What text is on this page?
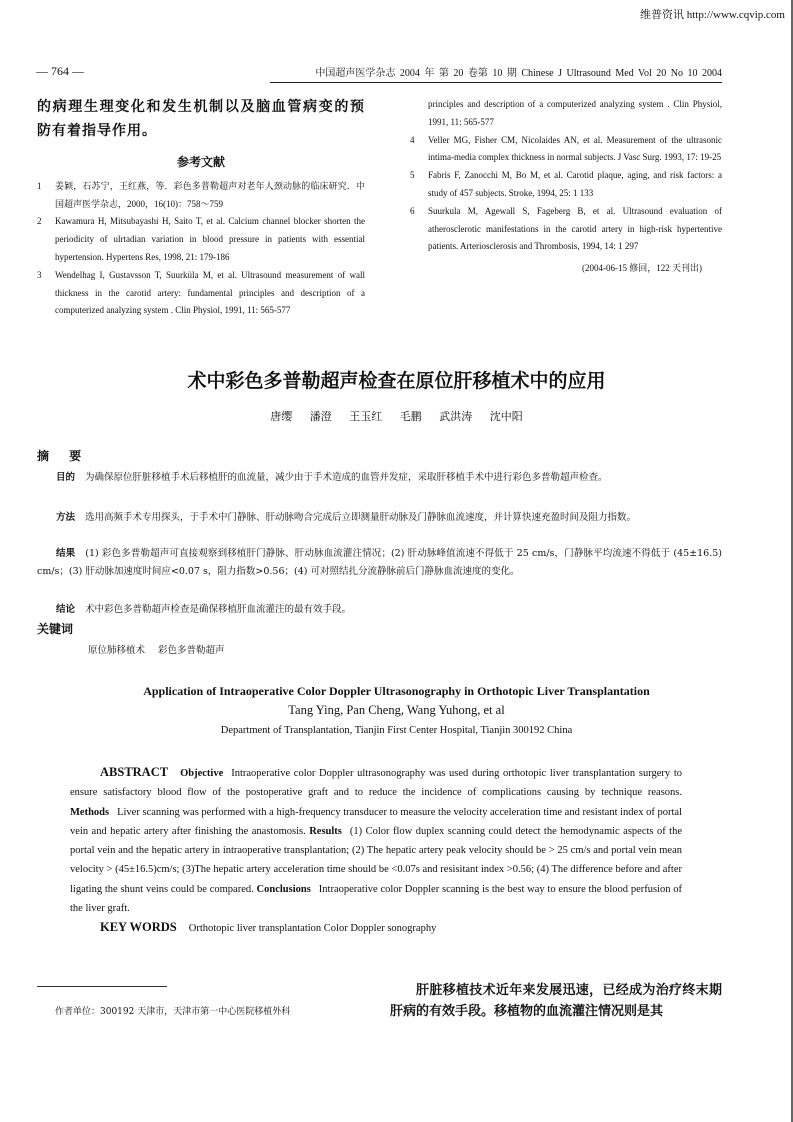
维普资讯 http://www.cqvip.com
— 764 —	中国超声医学杂志 2004 年 第 20 卷第 10 期 Chinese J Ultrasound Med Vol 20 No 10 2004
的病理生理变化和发生机制以及脑血管病变的预防有着指导作用。
参考文献
1 姜颖，石苏宁，王红燕，等．彩色多普勒超声对老年人颈动脉的临床研究．中国超声医学杂志，2000，16(10)：758～759
2 Kawamura H, Mitsubayashi H, Saito T, et al. Calcium channel blocker shorten the periodicity of ulrtadian variation in blood pressure in patients with essential hypertension. Hypertens Res, 1998, 21: 179-186
3 Wendelhag I, Gustavsson T, Suurküla M, et al. Ultrasound measurement of wall thickness in the carotid artery: fundamental principles and description of a computerized analyzing system . Clin Physiol, 1991, 11: 565-577
principles and description of a computerized analyzing system . Clin Physiol, 1991, 11: 565-577
4 Veller MG, Fisher CM, Nicolaides AN, et al. Measurement of the ultrasonic intima-media complex thickness in normal subjects. J Vasc Surg. 1993, 17: 19-25
5 Fabris F, Zanocchi M, Bo M, et al. Carotid plaque, aging, and risk factors: a study of 457 subjects. Stroke, 1994, 25: 1 133
6 Suurkula M, Agewall S, Fageberg B, et al. Ultrasound evaluation of atherosclerotic manifestations in the carotid artery in high-risk hypertentive patients. Arteriosclerosis and Thrombosis, 1994, 14: 1 297
(2004-06-15 修回，122 天刊出)
术中彩色多普勒超声检查在原位肝移植术中的应用
唐缨 潘澄 王玉红 毛鹏 武洪涛 沈中阳
摘 要
目的 为确保原位肝脏移植手术后移植肝的血流量，减少由于手术造成的血管并发症，采取肝移植手术中进行彩色多普勒超声检查。
方法 选用高频手术专用探头，于手术中门静脉、肝动脉吻合完成后立即测量肝动脉及门静脉血流速度，并计算快速充盈时间及阻力指数。
结果 (1) 彩色多普勒超声可直接观察到移植肝门静脉、肝动脉血流灌注情况；(2) 肝动脉峰值流速不得低于 25 cm/s，门静脉平均流速不得低于 (45±16.5) cm/s；(3) 肝动脉加速度时间应<0.07 s，阻力指数>0.56；(4) 可对照结扎分流静脉前后门静脉血流速度的变化。
结论 术中彩色多普勒超声检查是确保移植肝血流灌注的最有效手段。
关键词
原位肺移植术 彩色多普勒超声
Application of Intraoperative Color Doppler Ultrasonography in Orthotopic Liver Transplantation
Tang Ying, Pan Cheng, Wang Yuhong, et al
Department of Transplantation, Tianjin First Center Hospital, Tianjin 300192 China
ABSTRACT Objective Intraoperative color Doppler ultrasonography was used during orthotopic liver transplantation surgery to ensure satisfactory blood flow of the postoperative graft and to reduce the incidence of complications causing by technique reasons. Methods Liver scanning was performed with a high-frequency transducer to measure the velocity acceleration time and resistant index of portal vein and hepatic artery after finishing the anastomosis. Results (1) Color flow duplex scanning could detect the hemodynamic aspects of the portal vein and the hepatic artery in intraoperative transplantation; (2) The hepatic artery peak velocity should be > 25 cm/s and portal vein mean velocity > (45±16.5)cm/s; (3)The hepatic artery acceleration time should be <0.07s and resisitant index >0.56; (4) The difference before and after ligating the shunt veins could be compared. Conclusions Intraoperative color Doppler scanning is the best way to ensure the blood perfusion of the liver graft.
KEY WORDS Orthotopic liver transplantation Color Doppler sonography
作者单位：300192 天津市，天津市第一中心医院移植外科
肝脏移植技术近年来发展迅速，已经成为治疗终末期肝病的有效手段。移植物的血流灌注情况则是其
